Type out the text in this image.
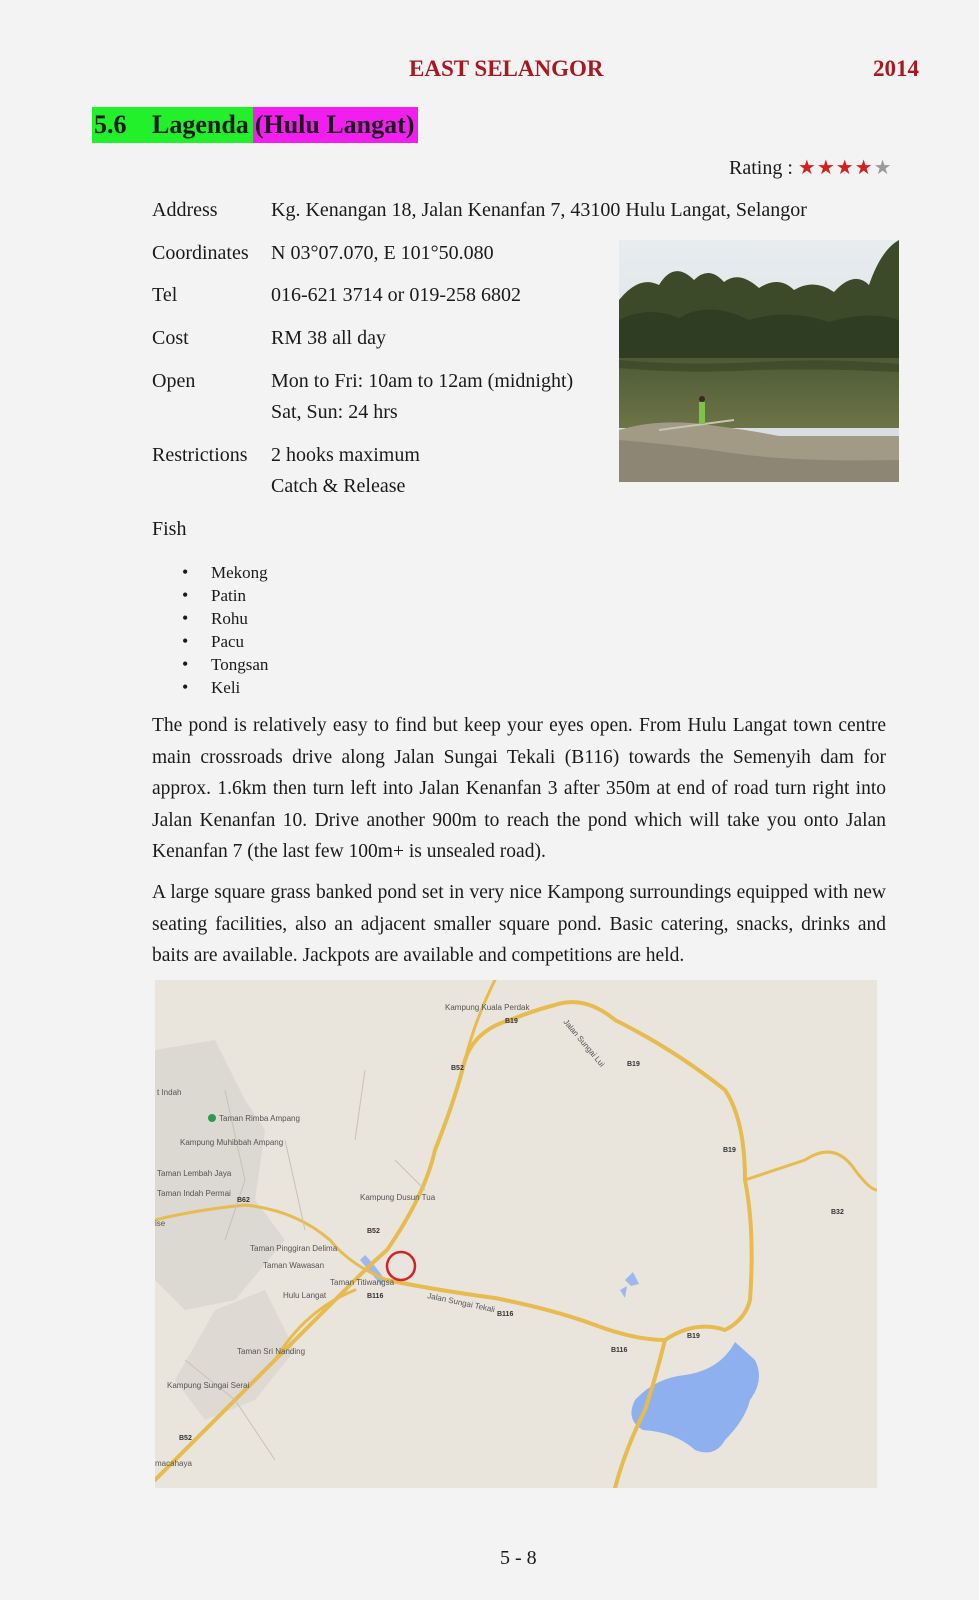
EAST SELANGOR	2014
5.6 Lagenda (Hulu Langat)
Rating : ★★★★★
Address	Kg. Kenangan 18, Jalan Kenanfan 7, 43100 Hulu Langat, Selangor
Coordinates N 03°07.070, E 101°50.080
Tel	016-621 3714 or 019-258 6802
Cost	RM 38 all day
Open	Mon to Fri: 10am to 12am (midnight)
Sat, Sun: 24 hrs
Restrictions 2 hooks maximum
Catch & Release
Fish
• Mekong
• Patin
• Rohu
• Pacu
• Tongsan
• Keli
The pond is relatively easy to find but keep your eyes open. From Hulu Langat town centre main crossroads drive along Jalan Sungai Tekali (B116) towards the Semenyih dam for approx. 1.6km then turn left into Jalan Kenanfan 3 after 350m at end of road turn right into Jalan Kenanfan 10. Drive another 900m to reach the pond which will take you onto Jalan Kenanfan 7 (the last few 100m+ is unsealed road).
A large square grass banked pond set in very nice Kampong surroundings equipped with new seating facilities, also an adjacent smaller square pond. Basic catering, snacks, drinks and baits are available. Jackpots are available and competitions are held.
Kampung Kuala Perdak
Jalan Sungai Lui
Taman Rimba Ampang
Kampung Muhibbah Ampang
Taman Lembah Jaya
Taman Indah Permai
t Indah
ise
Kampung Dusun Tua
Taman Pinggiran Delima
Taman Wawasan
Hulu Langat
Taman Titiwangsa
Jalan Sungai Tekali
Taman Sri Nanding
Kampung Sungai Serai
macahaya
B19
B19
B19
B19
B52
B52
B52
B62
B116
B116
B116
B32
5 - 8
